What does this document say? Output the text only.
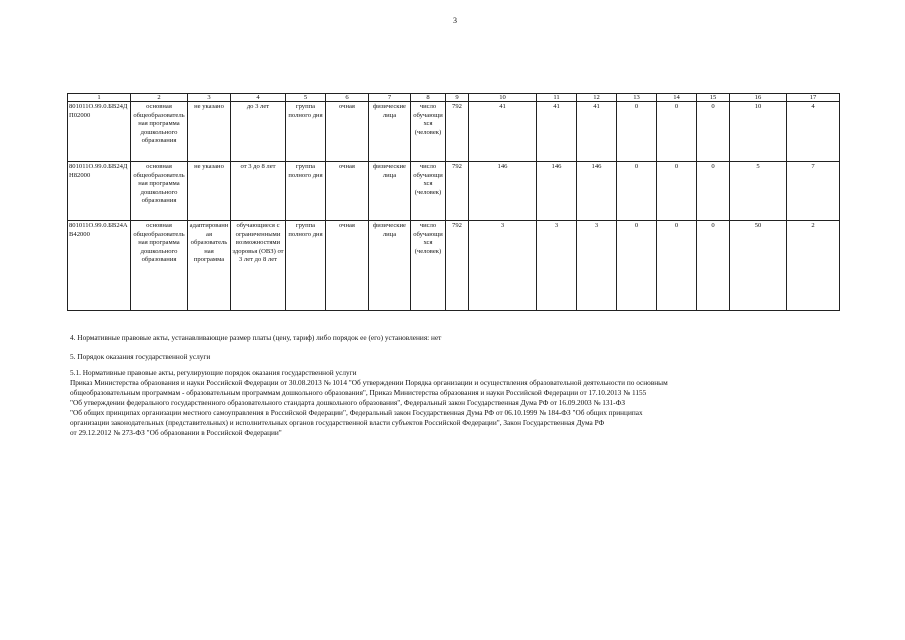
3
1	2	3	4	5	6	7	8	9	10	11	12	13	14	15	16	17
801011О.99.0.БВ24ДП02000	основная общеобразовательная программа дошкольного образования	не указано	до 3 лет	группа полного дня	очная	физические лица	число обучающихся (человек)	792	41	41	41	0	0	0	10	4
801011О.99.0.БВ24ДН82000	основная общеобразовательная программа дошкольного образования	не указано	от 3 до 8 лет	группа полного дня	очная	физические лица	число обучающихся (человек)	792	146	146	146	0	0	0	5	7
801011О.99.0.БВ24АВ42000	основная общеобразовательная программа дошкольного образования	адаптированная образовательная программа	обучающиеся с ограниченными возможностями здоровья (ОВЗ) от 3 лет до 8 лет	группа полного дня	очная	физические лица	число обучающихся (человек)	792	3	3	3	0	0	0	50	2

4. Нормативные правовые акты, устанавливающие размер платы (цену, тариф) либо порядок ее (его) установления: нет

5. Порядок оказания государственной услуги

5.1. Нормативные правовые акты, регулирующие порядок оказания государственной услуги

Приказ Министерства образования и науки Российской Федерации от 30.08.2013 № 1014 "Об утверждении Порядка организации и осуществления образовательной деятельности по основным

общеобразовательным программам - образовательным программам дошкольного образования", Приказ Министерства образования и науки Российской Федерации от 17.10.2013 № 1155

"Об утверждении федерального государственного образовательного стандарта дошкольного образования", Федеральный закон Государственная Дума РФ от 16.09.2003 № 131-ФЗ

"Об общих принципах организации местного самоуправления в Российской Федерации", Федеральный закон Государственная Дума РФ от 06.10.1999 № 184-ФЗ "Об общих принципах

организации законодательных (представительных) и исполнительных органов государственной власти субъектов Российской Федерации", Закон Государственная Дума РФ

от 29.12.2012 № 273-ФЗ "Об образовании в Российской Федерации"
